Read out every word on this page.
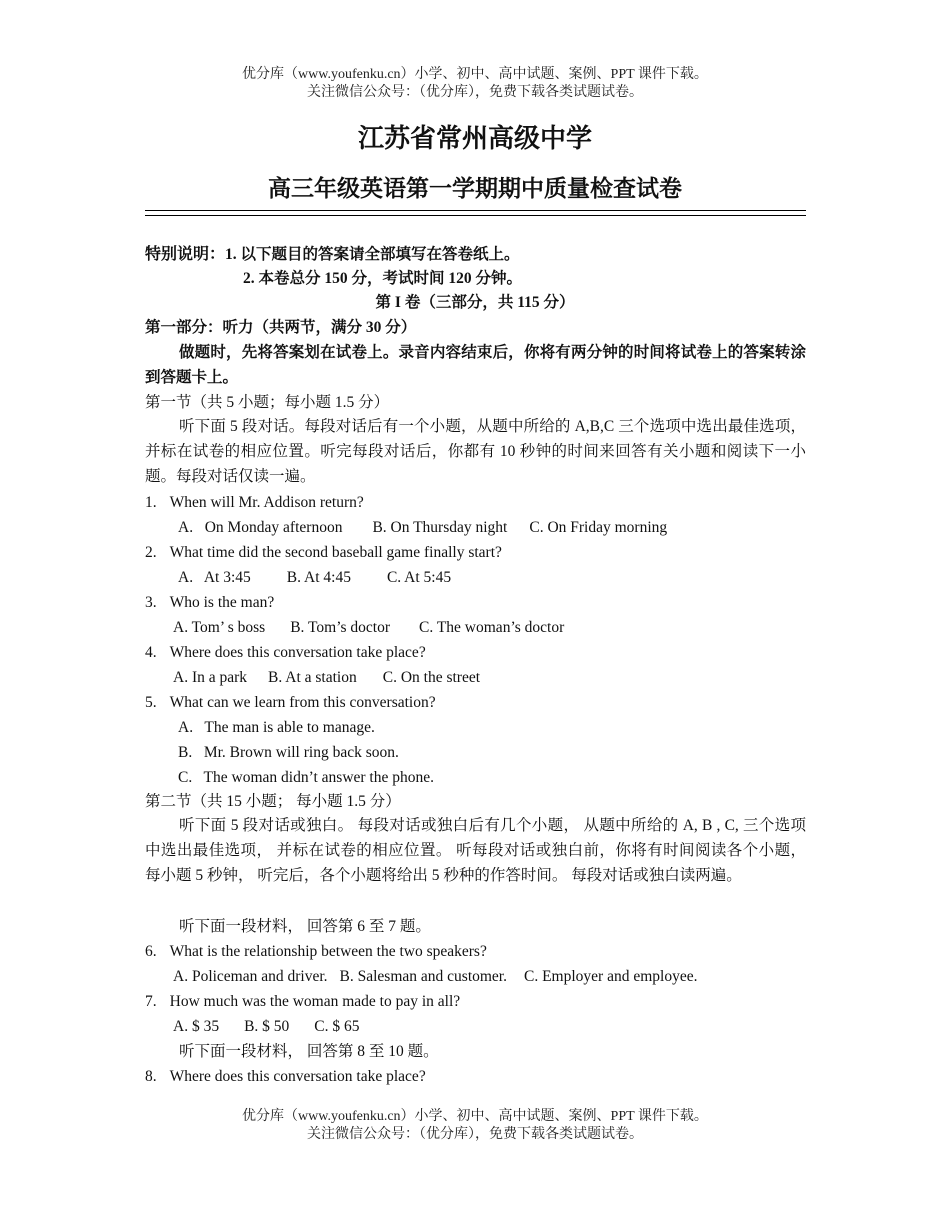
优分库（www.youfenku.cn）小学、初中、高中试题、案例、PPT 课件下载。
关注微信公众号：（优分库），免费下载各类试题试卷。
江苏省常州高级中学
高三年级英语第一学期期中质量检查试卷
特别说明：1. 以下题目的答案请全部填写在答卷纸上。
2. 本卷总分 150 分，考试时间 120 分钟。
第 I 卷（三部分，共 115 分）
第一部分：听力（共两节，满分 30 分）
做题时，先将答案划在试卷上。录音内容结束后，你将有两分钟的时间将试卷上的答案转涂到答题卡上。
第一节（共 5 小题；每小题 1.5 分）
听下面 5 段对话。每段对话后有一个小题，从题中所给的 A,B,C 三个选项中选出最佳选项，并标在试卷的相应位置。听完每段对话后，你都有 10 秒钟的时间来回答有关小题和阅读下一小题。每段对话仅读一遍。
1. When will Mr. Addison return?
A.   On Monday afternoon B. On Thursday night C. On Friday morning
2. What time did the second baseball game finally start?
A.   At 3:45 B. At 4:45 C. At 5:45
3. Who is the man?
A. Tom’ s boss B. Tom’s doctor C. The woman’s doctor
4. Where does this conversation take place?
A. In a park B. At a station C. On the street
5. What can we learn from this conversation?
A.   The man is able to manage.
B.   Mr. Brown will ring back soon.
C.   The woman didn’t answer the phone.
第二节（共 15 小题； 每小题 1.5 分）
听下面 5 段对话或独白。 每段对话或独白后有几个小题， 从题中所给的 A, B , C, 三个选项中选出最佳选项， 并标在试卷的相应位置。 听每段对话或独白前，你将有时间阅读各个小题， 每小题 5 秒钟， 听完后，各个小题将给出 5 秒种的作答时间。 每段对话或独白读两遍。
听下面一段材料， 回答第 6 至 7 题。
6. What is the relationship between the two speakers?
A. Policeman and driver. B. Salesman and customer. C. Employer and employee.
7. How much was the woman made to pay in all?
A. $ 35 B. $ 50 C. $ 65
听下面一段材料， 回答第 8 至 10 题。
8. Where does this conversation take place?
优分库（www.youfenku.cn）小学、初中、高中试题、案例、PPT 课件下载。
关注微信公众号：（优分库），免费下载各类试题试卷。
